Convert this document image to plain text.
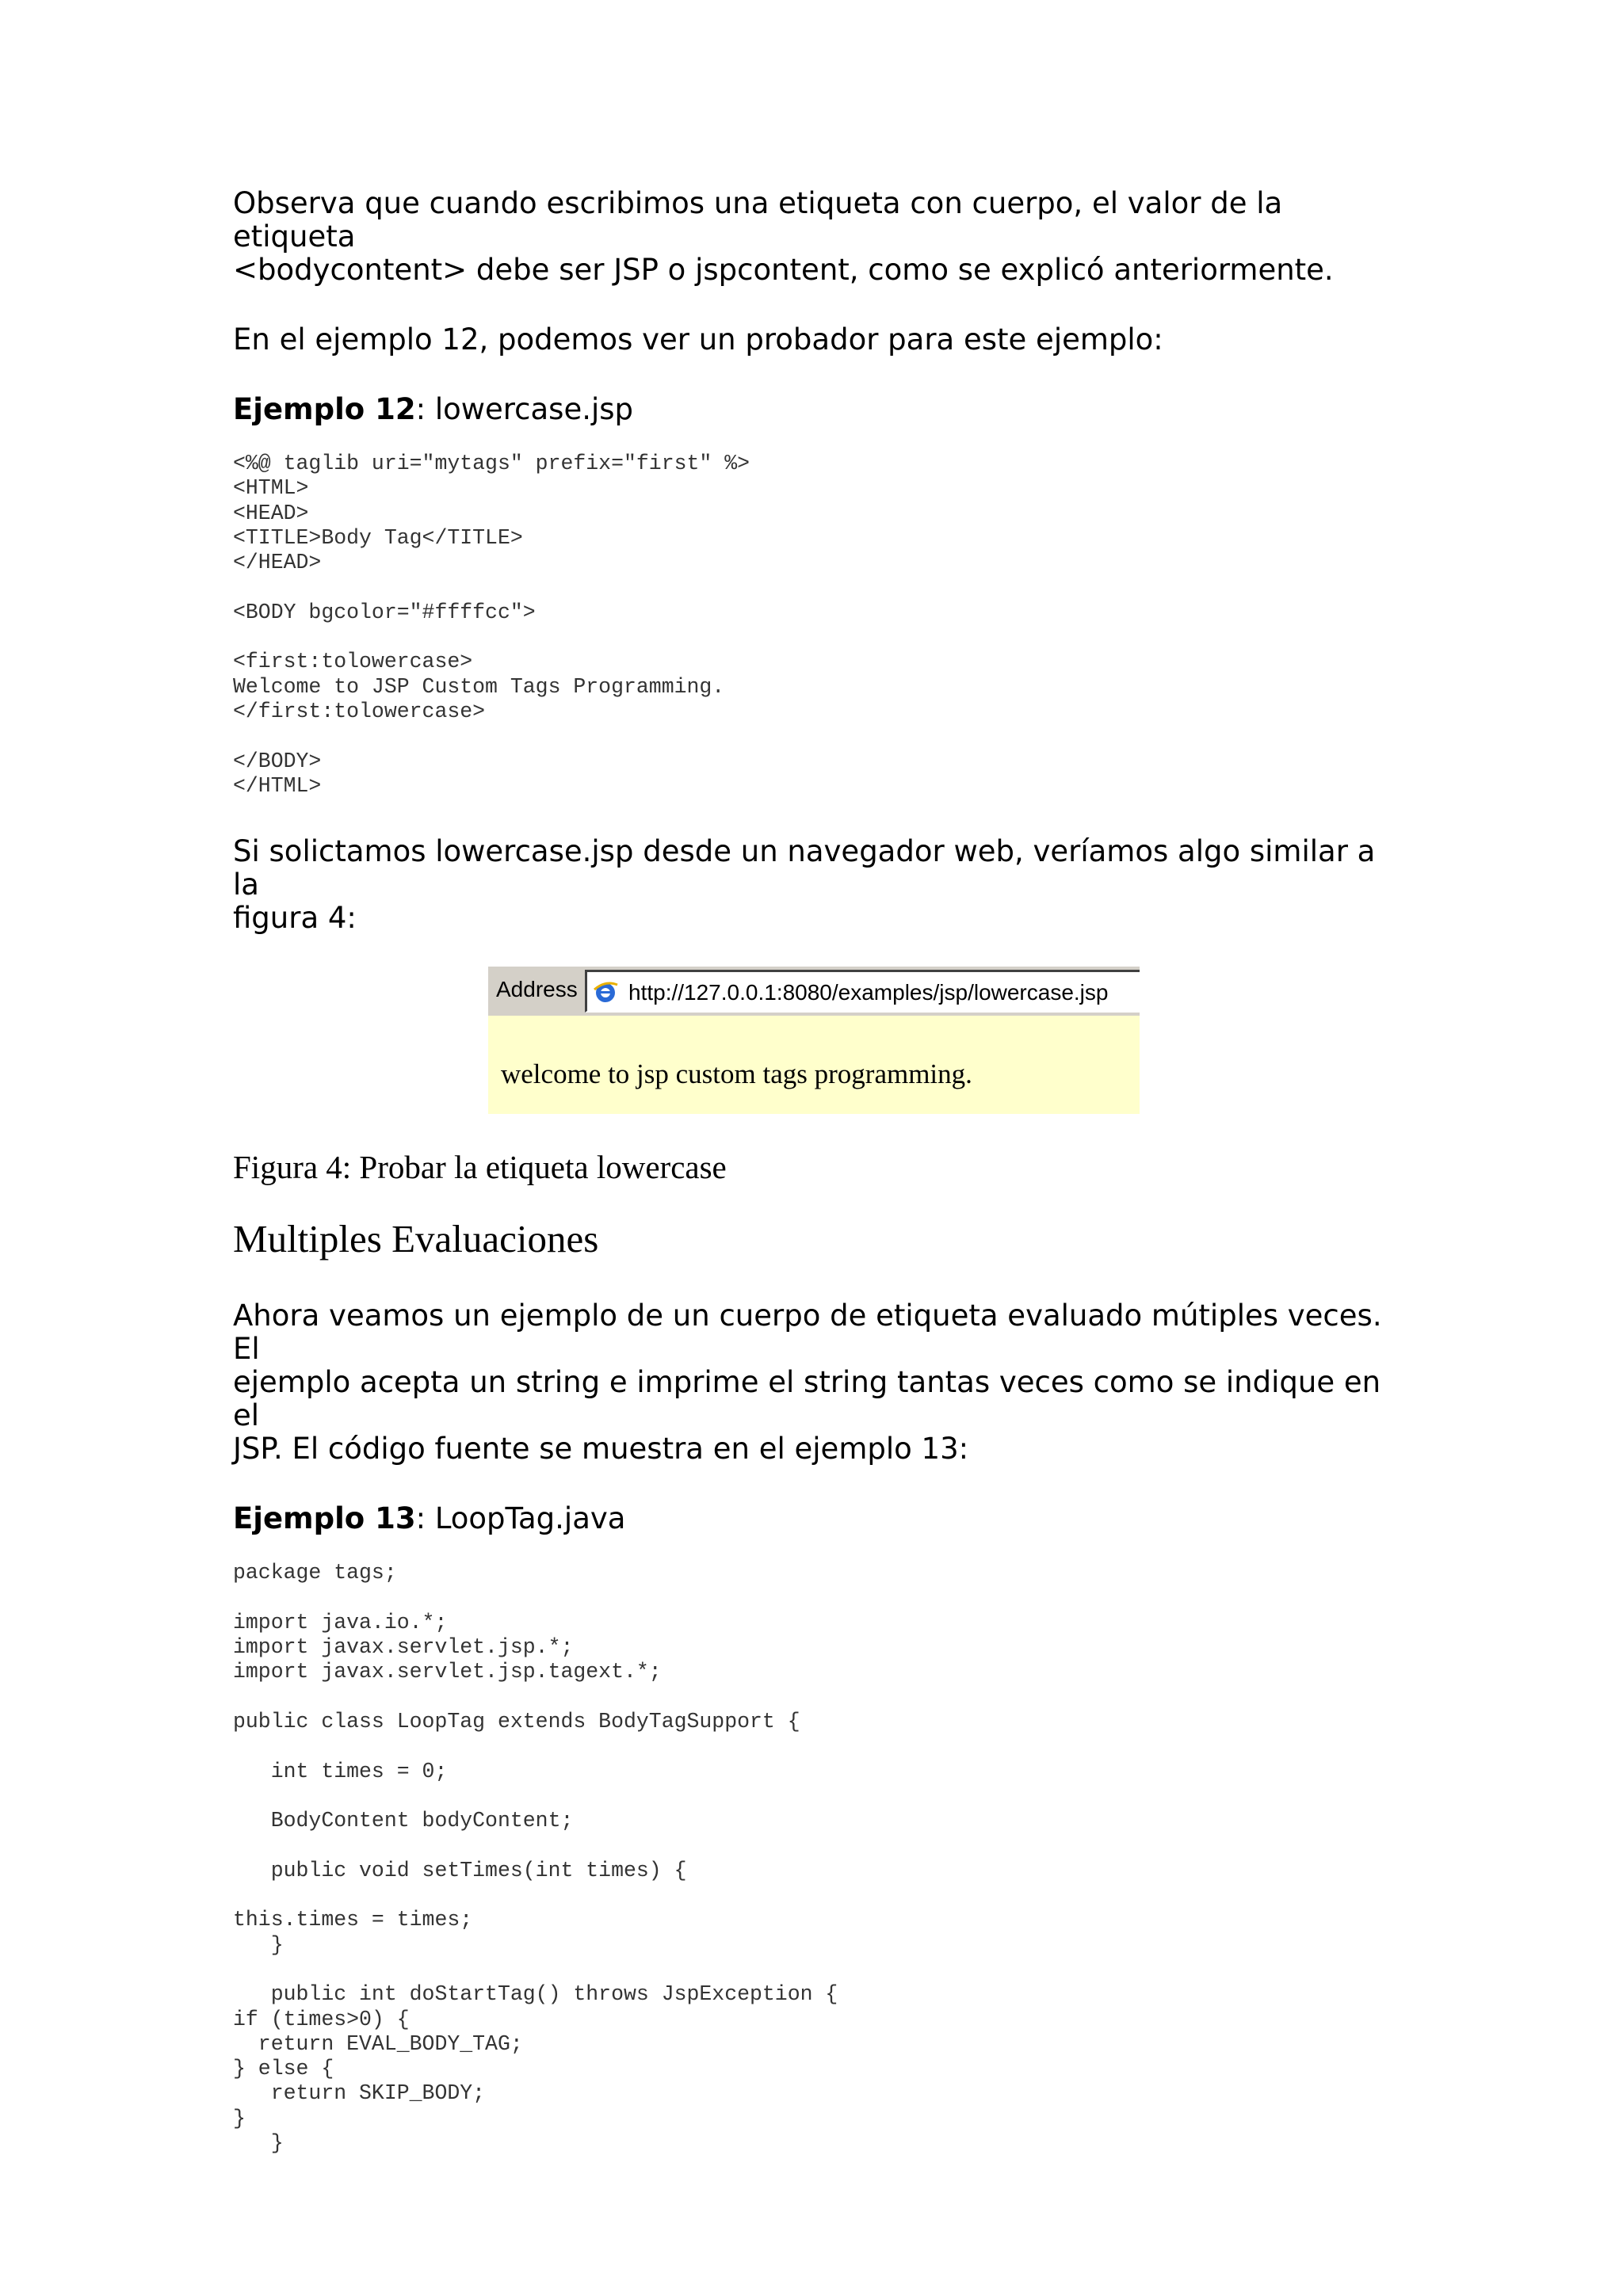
Observa que cuando escribimos una etiqueta con cuerpo, el valor de la etiqueta
<bodycontent> debe ser JSP o jspcontent, como se explicó anteriormente.

En el ejemplo 12, podemos ver un probador para este ejemplo:

Ejemplo 12: lowercase.jsp

<%@ taglib uri="mytags" prefix="first" %>
<HTML>
<HEAD>
<TITLE>Body Tag</TITLE>
</HEAD>
<BODY bgcolor="#ffffcc">
<first:tolowercase>
Welcome to JSP Custom Tags Programming.
</first:tolowercase>
</BODY>
</HTML>

Si solictamos lowercase.jsp desde un navegador web, veríamos algo similar a la
figura 4:

Address http://127.0.0.1:8080/examples/jsp/lowercase.jsp
welcome to jsp custom tags programming.

Figura 4: Probar la etiqueta lowercase

Multiples Evaluaciones

Ahora veamos un ejemplo de un cuerpo de etiqueta evaluado mútiples veces. El
ejemplo acepta un string e imprime el string tantas veces como se indique en el
JSP. El código fuente se muestra en el ejemplo 13:

Ejemplo 13: LoopTag.java

package tags;
import java.io.*;
import javax.servlet.jsp.*;
import javax.servlet.jsp.tagext.*;
public class LoopTag extends BodyTagSupport {
int times = 0;
BodyContent bodyContent;
public void setTimes(int times) {
this.times = times;
}
public int doStartTag() throws JspException {
if (times>0) {
return EVAL_BODY_TAG;
} else {
return SKIP_BODY;
}
}
